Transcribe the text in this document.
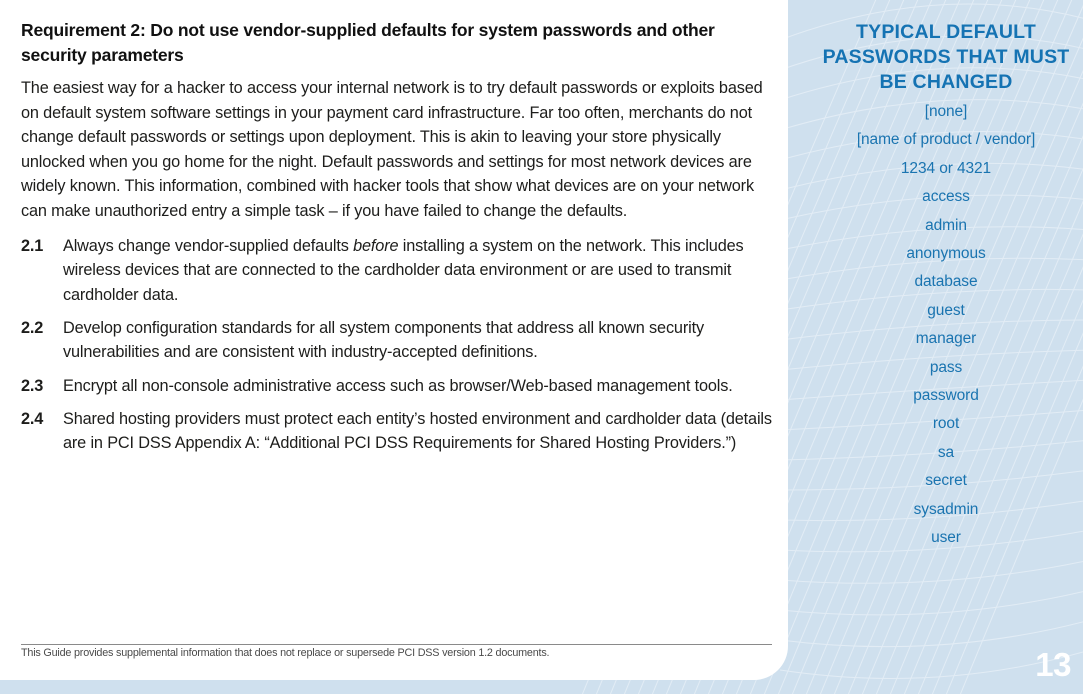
Requirement 2: Do not use vendor-supplied defaults for system passwords and other security parameters

The easiest way for a hacker to access your internal network is to try default passwords or exploits based on default system software settings in your payment card infrastructure. Far too often, merchants do not change default passwords or settings upon deployment. This is akin to leaving your store physically unlocked when you go home for the night. Default passwords and settings for most network devices are widely known. This information, combined with hacker tools that show what devices are on your network can make unauthorized entry a simple task – if you have failed to change the defaults.

2.1	Always change vendor-supplied defaults before installing a system on the network. This includes wireless devices that are connected to the cardholder data environment or are used to transmit cardholder data.
2.2	Develop configuration standards for all system components that address all known security vulnerabilities and are consistent with industry-accepted definitions.
2.3	Encrypt all non-console administrative access such as browser/Web-based management tools.
2.4	Shared hosting providers must protect each entity’s hosted environment and cardholder data (details are in PCI DSS Appendix A: “Additional PCI DSS Requirements for Shared Hosting Providers.”)
This Guide provides supplemental information that does not replace or supersede PCI DSS version 1.2 documents.
TYPICAL DEFAULT PASSWORDS THAT MUST BE CHANGED
[none]
[name of product / vendor]
1234 or 4321
access
admin
anonymous
database
guest
manager
pass
password
root
sa
secret
sysadmin
user
13
